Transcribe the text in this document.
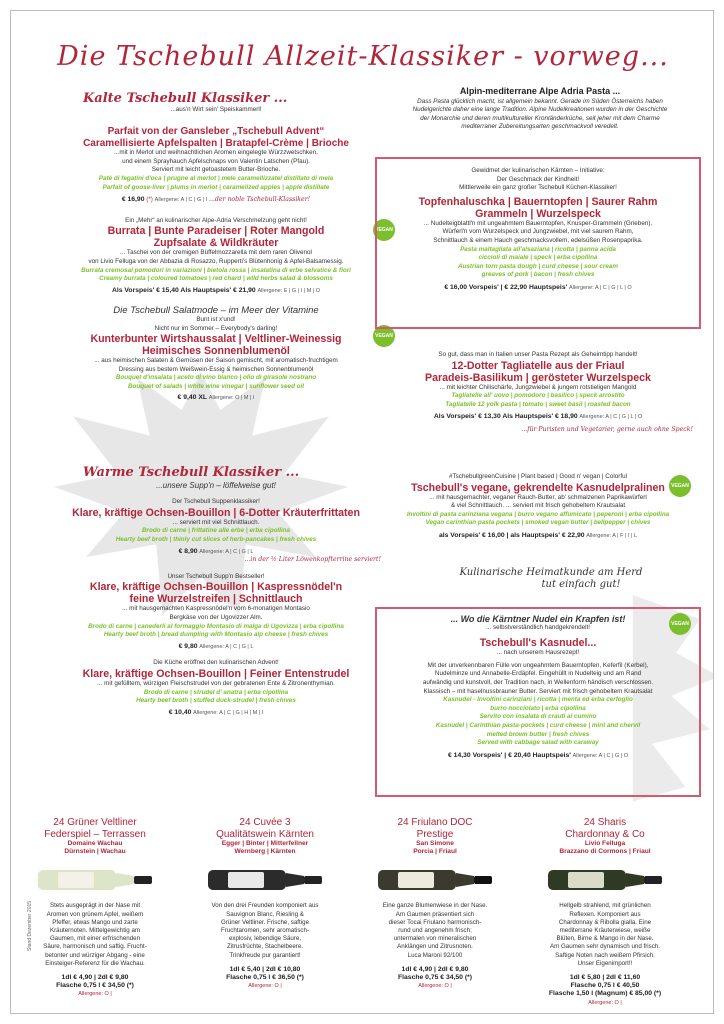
Die Tschebull Allzeit-Klassiker - vorweg...
Kalte Tschebull Klassiker ...
...aus'n Wirt sein' Speiskammerl!
Parfait von der Gansleber „Tschebull Advent“
Caramellisierte Apfelspalten | Bratapfel-Crème | Brioche
...mit in Merlot und weihnachtlichen Aromen eingelegte Würzzwetschken,
und einem Sprayhauch Apfelschnaps von Valentin Latschen (Pfau).
Serviert mit leicht getoastetem Butter-Brioche.
Patè di fegatini d'oca | prugne al merlot | mele caramellizzatel distillato di mela
Parfait of goose-liver | plums in merlot | caramelized apples | apple distillate
€ 16,90 (*) Allergene: A | C | G | I ...der noble Tschebull-Klassiker!
Ein „Mehr“ an kulinarischer Alpe-Adria Verschmelzung geht nicht!
Burrata | Bunte Paradeiser | Roter Mangold
Zupfsalate & Wildkräuter
... Taschei von der cremigen Büffelmozzarella mit dem raren Olivenol
von Livio Felluga von der Abbazia di Rosazzo, Rupperti's Blütenhonig & Apfel-Balsamessig.
Burrata cremosal pomodori in variazioni | bietola rossa | insalatina di erbe selvatice & fiori
Creamy burrata | coloured tomatoes | red chard | wild herbs salad & blossoms
Als Vorspeis' € 15,40 Als Hauptspeis' € 21,90 Allergene: E | G | I | M | O
VEGAN
Die Tschebull Salatmode – im Meer der Vitamine
Bunt ist x'und!
Nicht nur im Sommer – Everybody's darling!
Kunterbunter Wirtshaussalat | Veltliner-Weinessig
Heimisches Sonnenblumenöl
... aus heimischen Salaten & Gemüsen der Saison gemischt, mit aromatisch-fruchtigem
Dressing aus bestem Weißwein-Essig & heimischen Sonnenblumenöl
Bouquet d'insalata | aceto di vino bianco | olio di girasole nostrano
Bouquet of salads | white wine vinegar | sunflower seed oil
€ 9,40 XL Allergene: O | M | I
VEGAN
Warme Tschebull Klassiker ...
...unsere Supp'n – löffelweise gut!
Der Tschebull Suppenklassiker!
Klare, kräftige Ochsen-Bouillon | 6-Dotter Kräuterfrittaten
... serviert mit viel Schnittlauch.
Brodo di carne | frittatine alle erbe | erba cipollina
Hearty beef broth | thinly cut slices of herb-pancakes | fresh chives
€ 8,90 Allergene: A | C | G | L
...in der ½ Liter Löwenkopfterrine serviert!
Unser Tschebull Supp'n Bestseller!
Klare, kräftige Ochsen-Bouillon | Kaspressnödel'n
feine Wurzelstreifen | Schnittlauch
... mit hausgemachten Kaspressnödel'n vom 6-monatigen Montasio
Bergkäse von der Ugovizzer Alm.
Brodo di carne | canederli al formaggio Montasio di malga di Ugovizza | erba cipollina
Hearty beef broth | bread dumpling with Montasio alp cheese | fresh chives
€ 9,80 Allergene: A | C | G | L
Die Küche eröffnet den kulinarischen Advent!
Klare, kräftige Ochsen-Bouillon | Feiner Entenstrudel
... mit gefülltem, würzigen Fleischstrudel von der gebratenen Ente & Zitronenthymian.
Brodo di carne | strudel d' anatra | erba cipollina
Hearty beef broth | stuffed duck-strudel | fresh chives
€ 10,40 Allergene: A | C | G | H | M | I
Alpin-mediterrane Alpe Adria Pasta ...
Dass Pasta glücklich macht, ist allgemein bekannt. Gerade im Süden Österreichs haben
Nudelgerichte daher eine lange Tradition. Alpine Nudelkreationen wurden in der Geschichte
der Monarchie und deren multikultureller Kronländerküche, seit jeher mit dem Charme
mediterraner Zubereitungsarten geschmackvoll veredelt.
Gewidmet der kulinarischen Kärnten – Initiative:
Der Geschmack der Kindheit!
Mittlerweile ein ganz großer Tschebull Küchen-Klassiker!
Topfenhaluschka | Bauerntopfen | Saurer Rahm
Grammeln | Wurzelspeck
... Nudelteigblattl'n mit ungeahmtem Bauerntopfen, Knusper-Grammeln (Grieben),
Würferl'n vom Wurzelspeck und Jungzwiebel, mit viel saurem Rahm,
Schnittlauch & einem Hauch geschmacksvollem, edelsüßen Rosenpaprika.
Pasta maltagliata all'alsaziana | ricotta | panna acida
ciccioli di maiale | speck | erba cipollina
Austrian torn pasta dough | curd cheese | sour cream
greaves of pork | bacon | fresh chives
€ 16,00 Vorspeis' | € 22,90 Hauptspeis' Allergene: A | C | G | L | O
So gut, dass man in Italien unser Pasta Rezept als Geheimtipp handelt!
12-Dotter Tagliatelle aus der Friaul
Paradeis-Basilikum | gerösteter Wurzelspeck
... mit leichter Chilischärfe, Jungzwiebel & jungem rotstieligen Mangold
Tagliatelle all' uovo | pomodoro | basilico | speck arrostito
Tagliatelle 12 yolk pasta | tomato | sweet basil | roasted bacon
Als Vorspeis' € 13,30 Als Hauptspeis' € 18,90 Allergene: A | C | G | L | O
...für Puristen und Vegetarier, gerne auch ohne Speck!
#TschebullgreenCuisine | Plant based | Good n' vegan | Colorful
Tschebull's vegane, gekrendelte Kasnudelpralinen
... mit hausgemachter, veganer Rauch-Butter, ab' schmalzenen Paprikawürferl
& viel Schnittlauch. ... serviert mit frisch gehobeltem Krautsalat
Involtini di pasta carinziana vegana | burro vegano affumicato | peperoni | erba cipollina
Vegan carinthian pasta pockets | smoked vegan butter | bellpepper | chives
als Vorspeis' € 16,00 | als Hauptspeis' € 22,90 Allergene: A | F | I | L
VEGAN
Kulinarische Heimatkunde am Herd
tut einfach gut!
... Wo die Kärntner Nudel ein Krapfen ist!
... selbstverständlich handgekrendelt!
Tschebull's Kasnudel...
... nach unserem Hausrezept!
Mit der unverkennbaren Fülle von ungeahmtem Bauerntopfen, Keferfil (Kerbel),
Nudelminze und Annabelle-Erdäpfel. Eingehüllt in Nudelteig und am Rand
aufwändig und kunstvoll, der Tradition nach, in Wellenform händisch verschlossen.
Klassisch – mit haselnussbrauner Butter. Serviert mit frisch gehobeltem Krautsalat
Kasnudel - Involtini carinziani | ricotta | menta ed erba cerfoglio
burro nocciolato | erba cipollina
Servito con insalata di crauti al cumino
Kasnudel | Carinthian pasta-pockets | curd cheese | mint and chervil
melted brown butter | fresh chives
Served with cabbage salad with caraway
€ 14,30 Vorspeis' | € 20,40 Hauptspeis' Allergene: A | C | G | O
VEGAN
24 Grüner Veltliner
Federspiel – Terrassen
Domaine Wachau
Dürnstein | Wachau
Stets ausgeprägt in der Nase mit
Aromen von grünem Apfel, weißem
Pfeffer, etwas Mango und zarte
Kräuternoten. Mittelgewichtig am
Gaumen, mit einer erfrischenden
Säure, harmonisch und saftig. Frucht-
betonter und würziger Abgang - eine
Einsteiger-Referenz für die Wachau.
1dl € 4,90 | 2dl € 9,80
Flasche 0,75 l € 34,50 (*)
Allergene: O |
24 Cuvée 3
Qualitätswein Kärnten
Egger | Binter | Mitterfellner
Wernberg | Kärnten
Von den drei Freunden komponiert aus
Sauvignon Blanc, Riesling &
Grüner Veltliner. Frische, saftige
Fruchtaromen, sehr aromatisch-
explosiv, lebendige Säure,
Zitrusfrüchte, Stachelbeere.
Trinkfreude pur garantiert!
1dl € 5,40 | 2dl € 10,80
Flasche 0,75 l € 36,50 (*)
Allergene: O |
24 Friulano DOC
Prestige
San Simone
Porcia | Friaul
Eine ganze Blumenwiese in der Nase.
Am Gaumen präsentiert sich
dieser Tocai Friulano harmonisch-
rund und angenehm frisch;
untermalen von mineralischen
Anklängen und Zitrusnoten.
Luca Maroni 92/100
1dl € 4,90 | 2dl € 9,80
Flasche 0,75 € 34,50 (*)
Allergene: O |
24 Sharis
Chardonnay & Co
Livio Felluga
Brazzano di Cormons | Friaul
Hellgelb strahlend, mit grünlichen
Reflexen. Komponiert aus
Chardonnay & Ribolla gialla. Eine
mediterrane Kräuterwiese, weiße
Blüten, Birne & Mango in der Nase.
Am Gaumen sehr dynamisch und frisch.
Saftige Noten nach weißem Pfirsich.
Unser Eigenimport!!
1dl € 5,80 | 2dl € 11,60
Flasche 0,75 l € 40,50
Flasche 1,50 l (Magnum) € 85,00 (*)
Allergene: O |
Stand Dezember 2015
